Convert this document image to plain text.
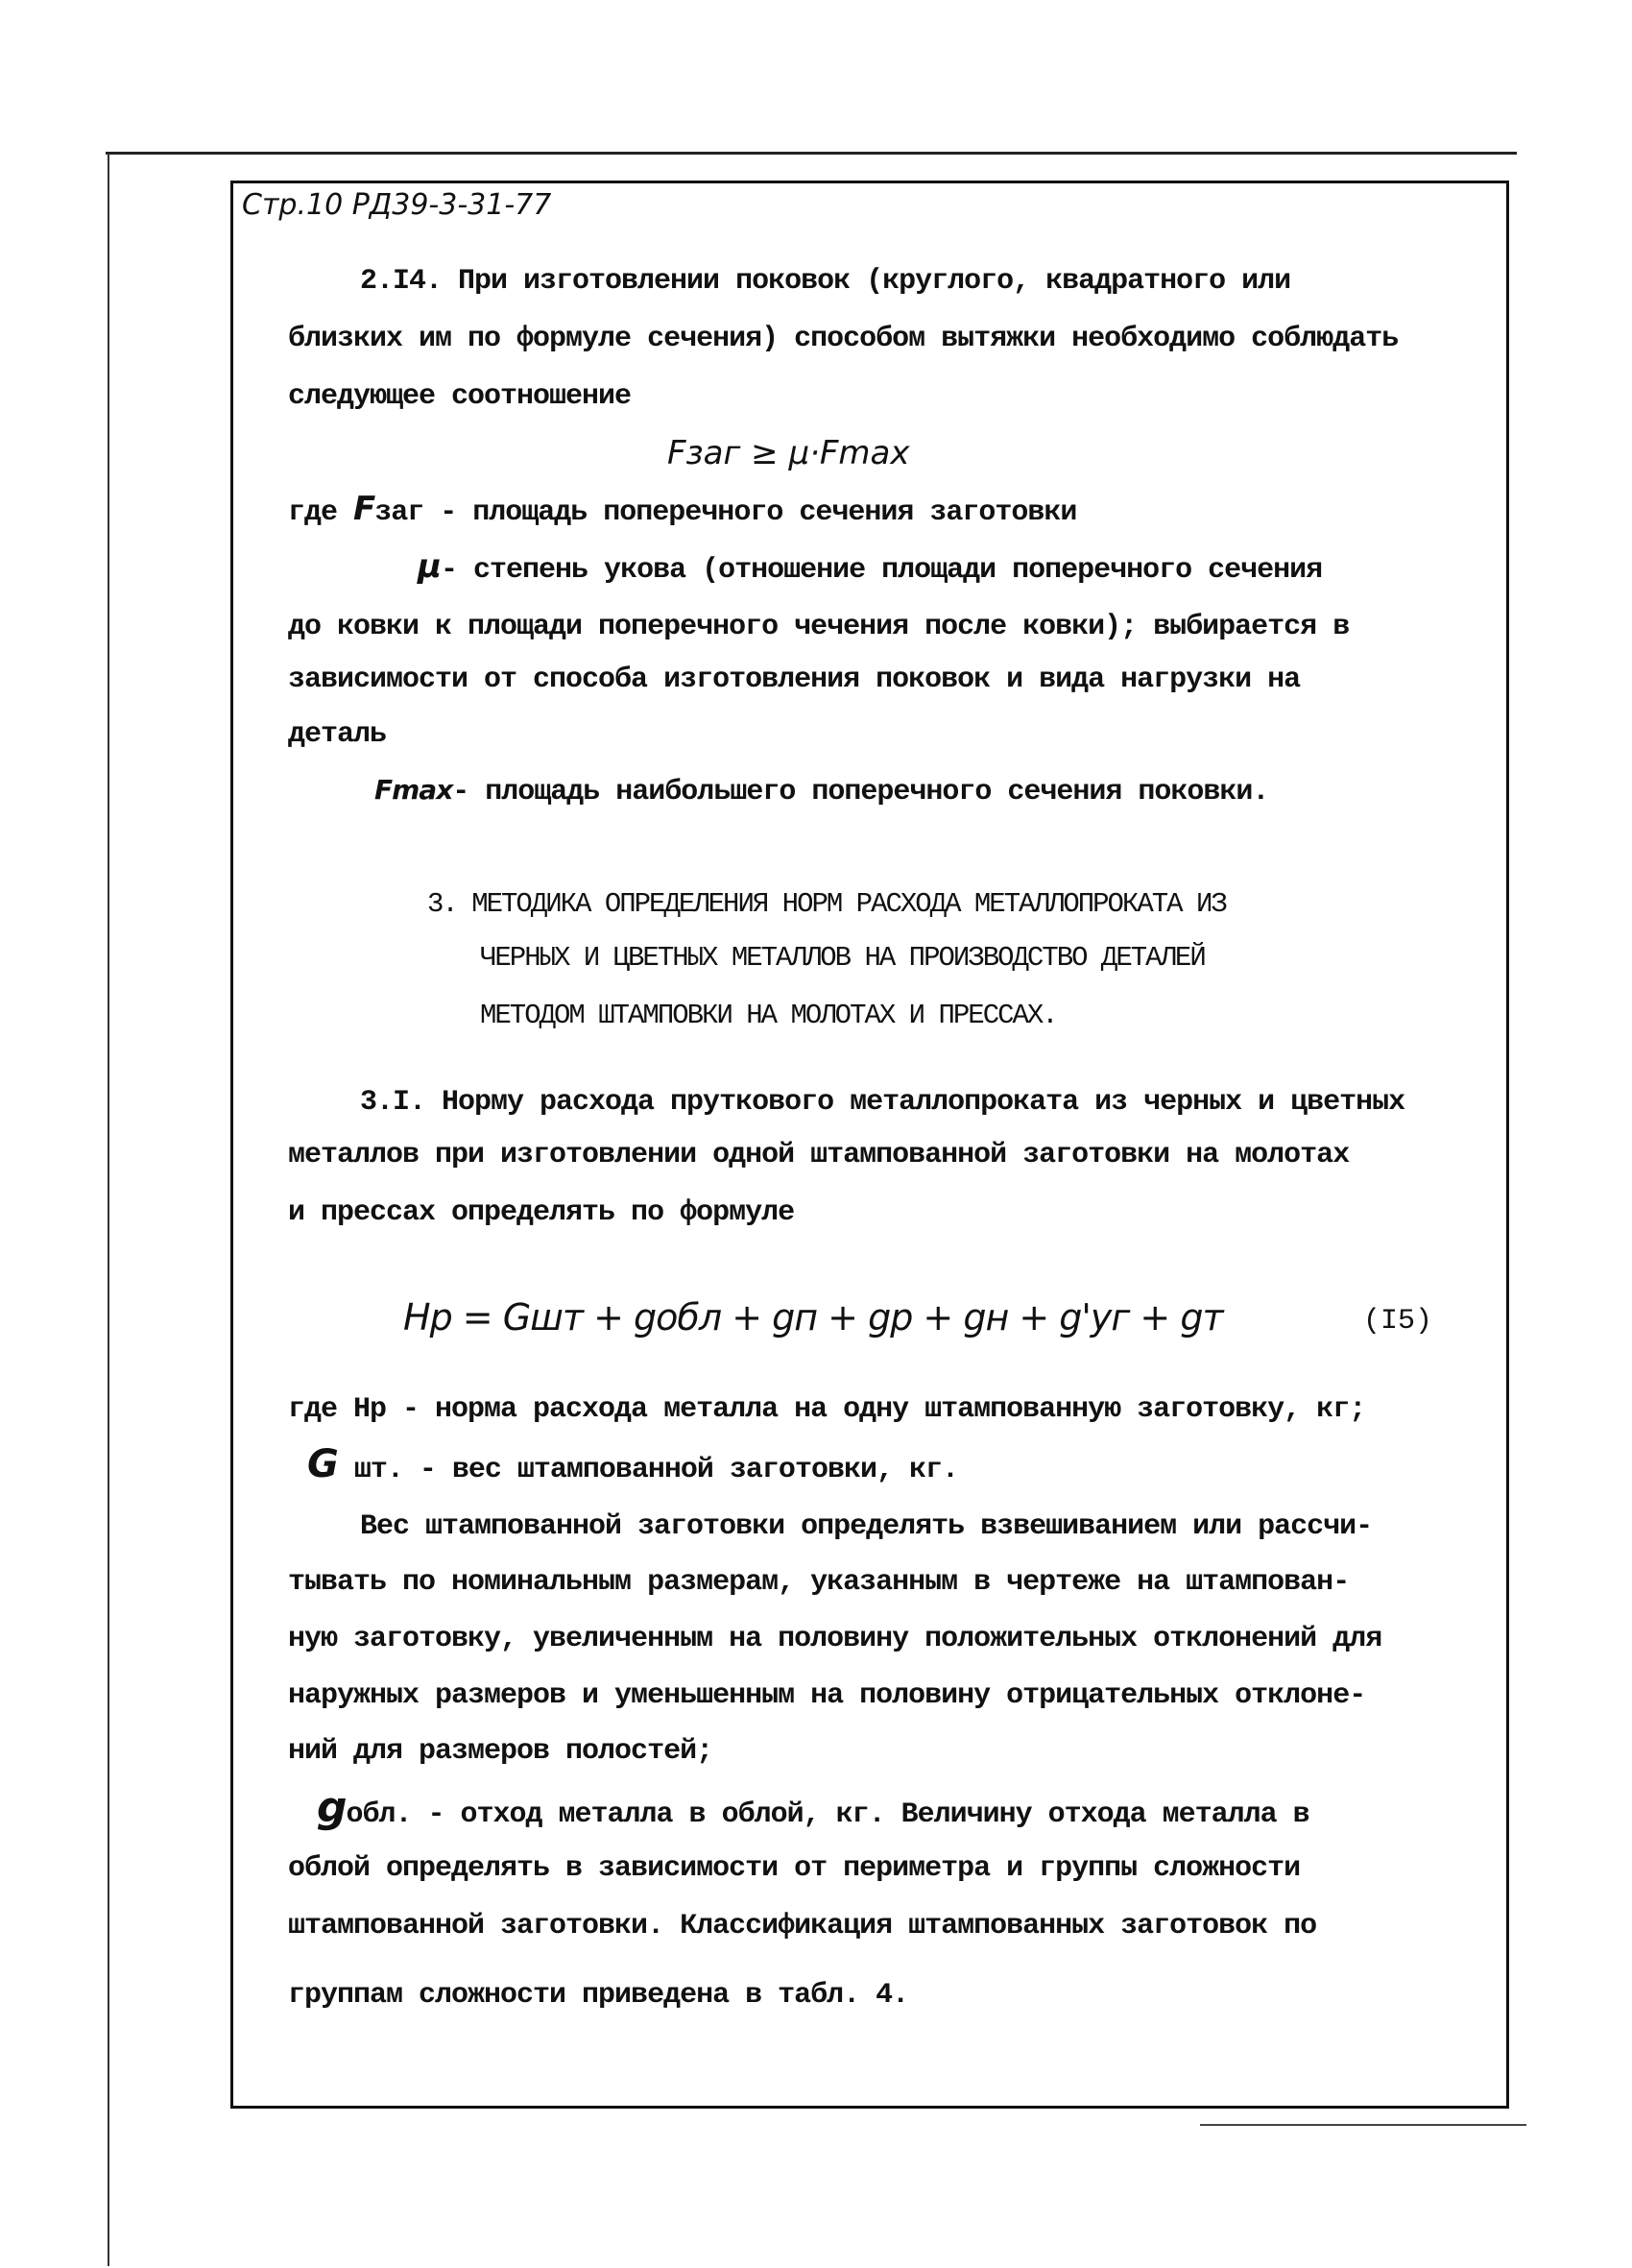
Стр.10 РД39-3-31-77
2.I4. При изготовлении поковок (круглого, квадратного или
близких им по формуле сечения) способом вытяжки необходимо соблюдать
следующее соотношение
Fзаг ≥ μ·Fmax
где Fзаг - площадь поперечного сечения заготовки
μ- степень укова (отношение площади поперечного сечения
до ковки к площади поперечного чечения после ковки); выбирается в
зависимости от способа изготовления поковок и вида нагрузки на
деталь
Fmax- площадь наибольшего поперечного сечения поковки.
3. МЕТОДИКА ОПРЕДЕЛЕНИЯ НОРМ РАСХОДА МЕТАЛЛОПРОКАТА ИЗ
ЧЕРНЫХ И ЦВЕТНЫХ МЕТАЛЛОВ НА ПРОИЗВОДСТВО ДЕТАЛЕЙ
МЕТОДОМ ШТАМПОВКИ НА МОЛОТАХ И ПРЕССАХ.
3.I. Норму расхода пруткового металлопроката из черных и цветных
металлов при изготовлении одной штампованной заготовки на молотах
и прессах определять по формуле
Hр = Gшт + gобл + gп + gр + gн + g'уг + gт	(I5)
где Нр - норма расхода металла на одну штампованную заготовку, кг;
G шт. - вес штампованной заготовки, кг.
Вес штампованной заготовки определять взвешиванием или рассчи-
тывать по номинальным размерам, указанным в чертеже на штампован-
ную заготовку, увеличенным на половину положительных отклонений для
наружных размеров и уменьшенным на половину отрицательных отклоне-
ний для размеров полостей;
gобл. - отход металла в облой, кг. Величину отхода металла в
облой определять в зависимости от периметра и группы сложности
штампованной заготовки. Классификация штампованных заготовок по
группам сложности приведена в табл. 4.
